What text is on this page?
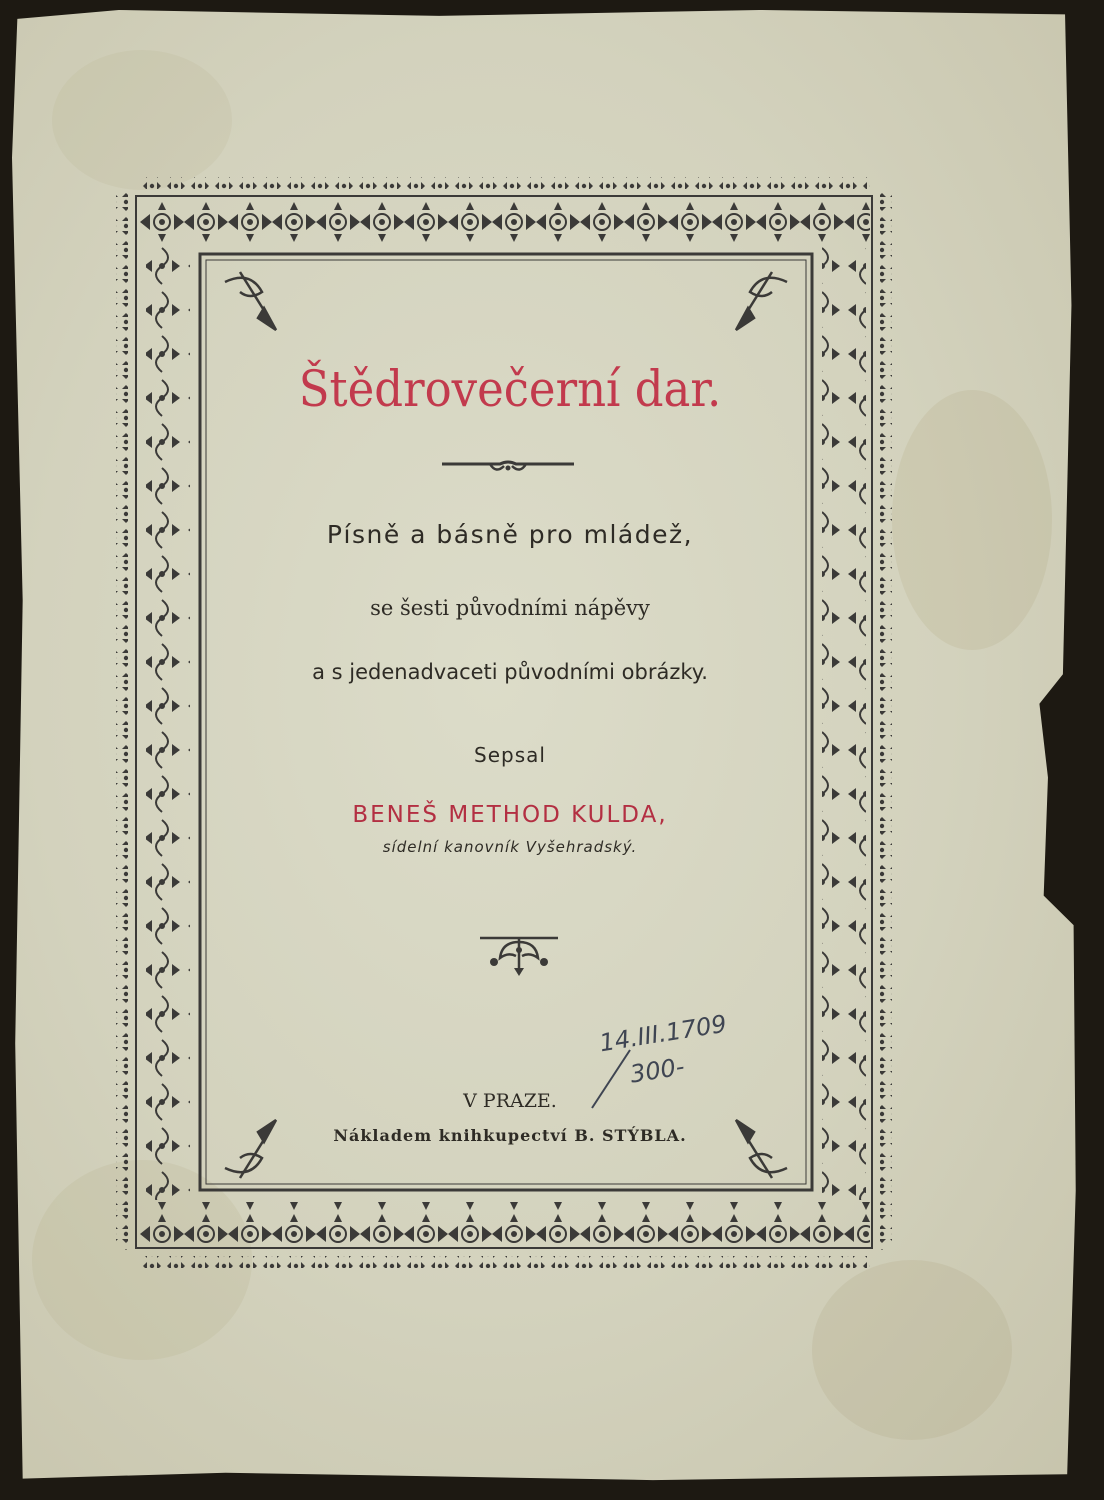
Štědrovečerní dar.

Písně a básně pro mládež,

se šesti původními nápěvy

a s jedenadvaceti původními obrázky.

Sepsal

BENEŠ METHOD KULDA,

sídelní kanovník Vyšehradský.

14.III.1709
300-

V PRAZE.

Nákladem knihkupectví B. STÝBLA.
